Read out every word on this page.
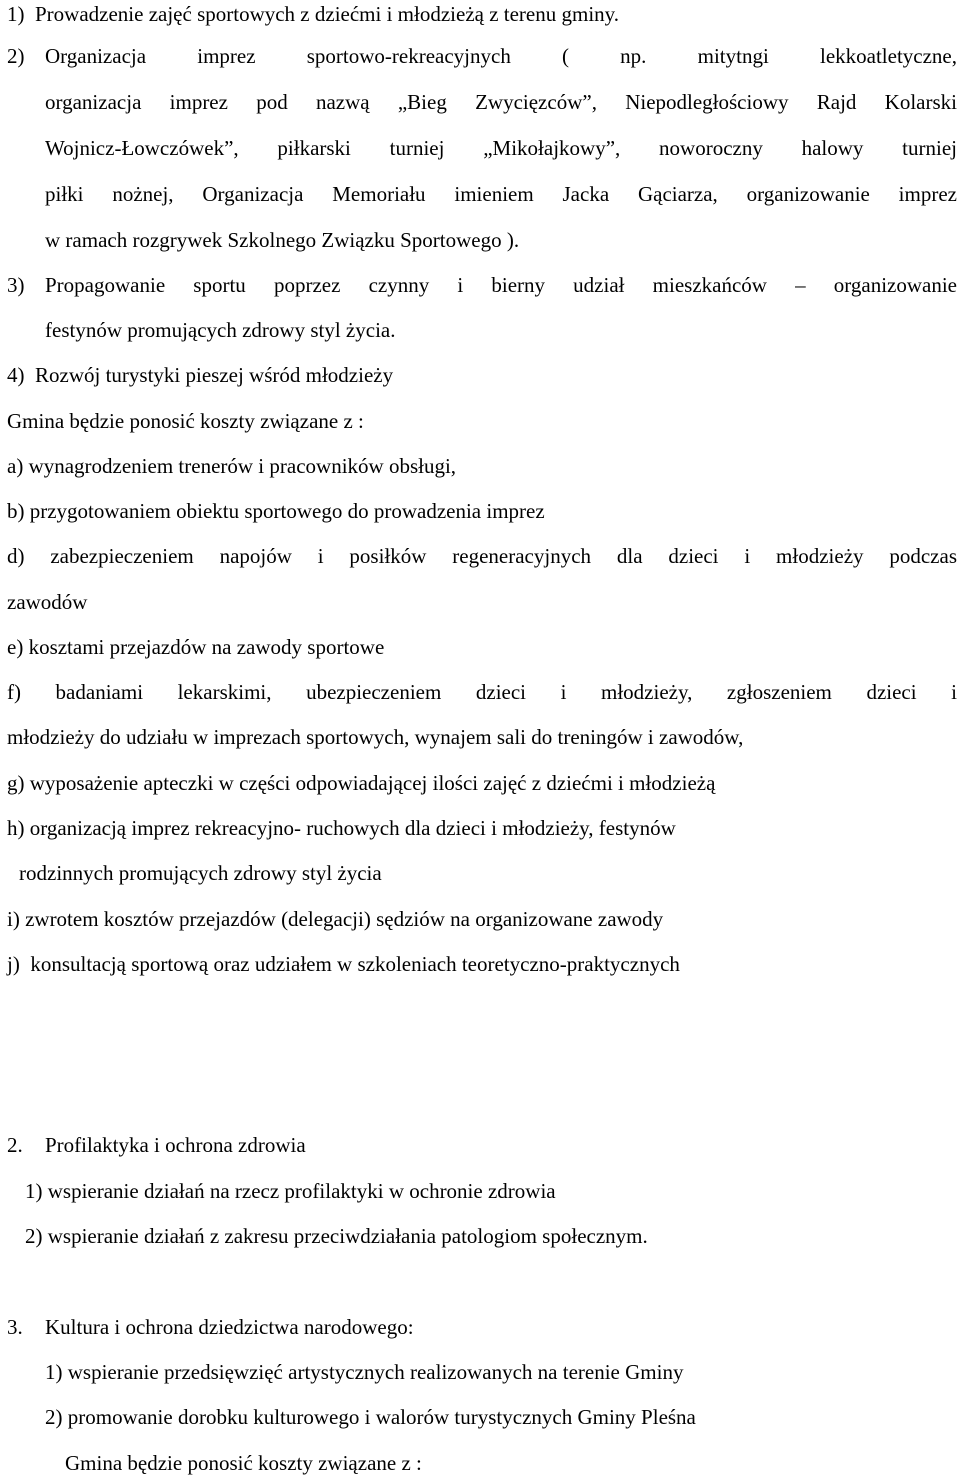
1)  Prowadzenie zajęć sportowych z dziećmi i młodzieżą z terenu gminy.
2) Organizacja imprez sportowo-rekreacyjnych ( np. mitytngi lekkoatletyczne,
organizacja imprez pod nazwą „Bieg Zwycięzców”, Niepodległościowy Rajd Kolarski
Wojnicz-Łowczówek”, piłkarski turniej „Mikołajkowy”, noworoczny halowy turniej
piłki nożnej, Organizacja Memoriału imieniem Jacka Gąciarza, organizowanie imprez
w ramach rozgrywek Szkolnego Związku Sportowego ).
3) Propagowanie sportu poprzez czynny i bierny udział mieszkańców – organizowanie
festynów promujących zdrowy styl życia.
4)  Rozwój turystyki pieszej wśród młodzieży
Gmina będzie ponosić koszty związane z :
a) wynagrodzeniem trenerów i pracowników obsługi,
b) przygotowaniem obiektu sportowego do prowadzenia imprez
d) zabezpieczeniem napojów i posiłków regeneracyjnych dla dzieci i młodzieży podczas
zawodów
e) kosztami przejazdów na zawody sportowe
f) badaniami lekarskimi, ubezpieczeniem dzieci i młodzieży, zgłoszeniem dzieci i
młodzieży do udziału w imprezach sportowych, wynajem sali do treningów i zawodów,
g) wyposażenie apteczki w części odpowiadającej ilości zajęć z dziećmi i młodzieżą
h) organizacją imprez rekreacyjno- ruchowych dla dzieci i młodzieży, festynów
rodzinnych promujących zdrowy styl życia
i) zwrotem kosztów przejazdów (delegacji) sędziów na organizowane zawody
j)  konsultacją sportową oraz udziałem w szkoleniach teoretyczno-praktycznych
2. Profilaktyka i ochrona zdrowia
1) wspieranie działań na rzecz profilaktyki w ochronie zdrowia
2) wspieranie działań z zakresu przeciwdziałania patologiom społecznym.
3. Kultura i ochrona dziedzictwa narodowego:
1) wspieranie przedsięwzięć artystycznych realizowanych na terenie Gminy
2) promowanie dorobku kulturowego i walorów turystycznych Gminy Pleśna
Gmina będzie ponosić koszty związane z :
